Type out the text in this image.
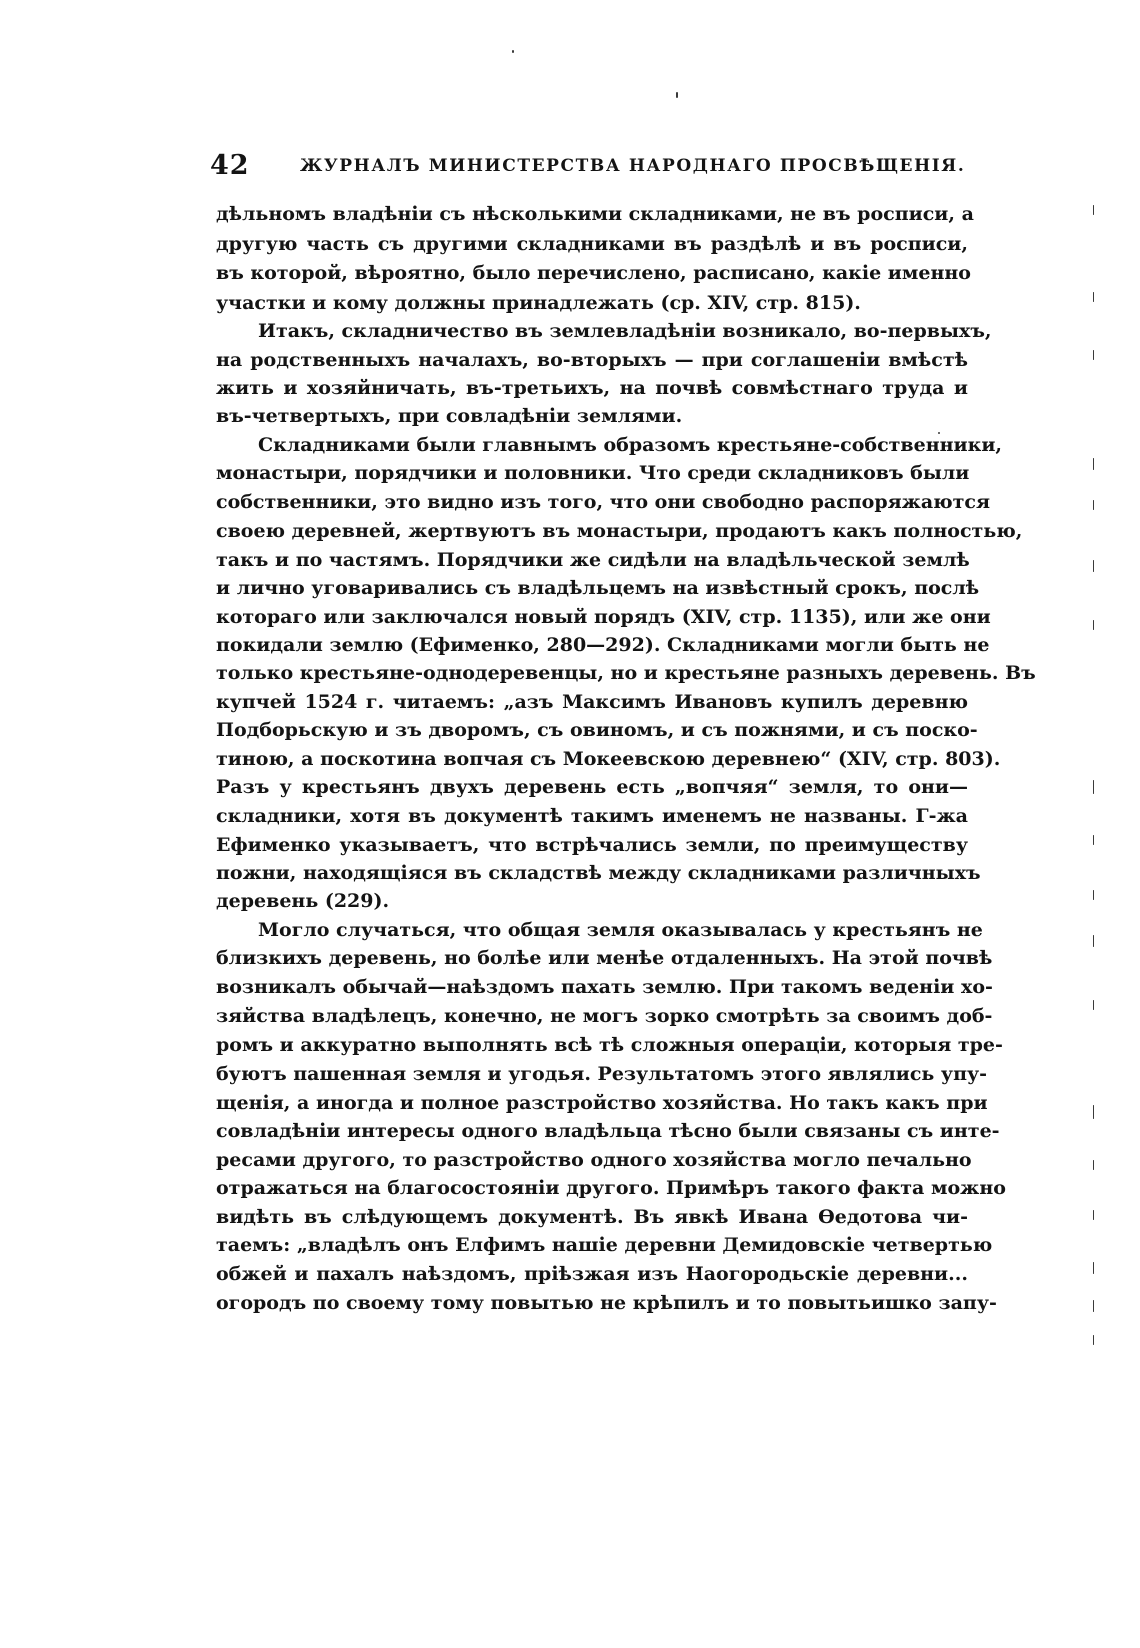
42	ЖУРНАЛЪ МИНИСТЕРСТВА НАРОДНАГО ПРОСВѢЩЕНІЯ.
дѣльномъ владѣніи съ нѣсколькими складниками, не въ росписи, а
другую часть съ другими складниками въ раздѣлѣ и въ росписи,
въ которой, вѣроятно, было перечислено, расписано, какіе именно
участки и кому должны принадлежать (ср. XIV, стр. 815).
Итакъ, складничество въ землевладѣніи возникало, во-первыхъ,
на родственныхъ началахъ, во-вторыхъ — при соглашеніи вмѣстѣ
жить и хозяйничать, въ-третьихъ, на почвѣ совмѣстнаго труда и
въ-четвертыхъ, при совладѣніи землями.
Складниками были главнымъ образомъ крестьяне-собственники,
монастыри, порядчики и половники. Что среди складниковъ были
собственники, это видно изъ того, что они свободно распоряжаются
своею деревней, жертвуютъ въ монастыри, продаютъ какъ полностью,
такъ и по частямъ. Порядчики же сидѣли на владѣльческой землѣ
и лично уговаривались съ владѣльцемъ на извѣстный срокъ, послѣ
котораго или заключался новый порядъ (XIV, стр. 1135), или же они
покидали землю (Ефименко, 280—292). Складниками могли быть не
только крестьяне-однодеревенцы, но и крестьяне разныхъ деревень. Въ
купчей 1524 г. читаемъ: „азъ Максимъ Ивановъ купилъ деревню
Подборьскую и зъ дворомъ, съ овиномъ, и съ пожнями, и съ поско-
тиною, а поскотина вопчая съ Мокеевскою деревнею“ (XIV, стр. 803).
Разъ у крестьянъ двухъ деревень есть „вопчяя“ земля, то они—
складники, хотя въ документѣ такимъ именемъ не названы. Г-жа
Ефименко указываетъ, что встрѣчались земли, по преимуществу
пожни, находящіяся въ складствѣ между складниками различныхъ
деревень (229).
Могло случаться, что общая земля оказывалась у крестьянъ не
близкихъ деревень, но болѣе или менѣе отдаленныхъ. На этой почвѣ
возникалъ обычай—наѣздомъ пахать землю. При такомъ веденіи хо-
зяйства владѣлецъ, конечно, не могъ зорко смотрѣть за своимъ доб-
ромъ и аккуратно выполнять всѣ тѣ сложныя операціи, которыя тре-
буютъ пашенная земля и угодья. Результатомъ этого являлись упу-
щенія, а иногда и полное разстройство хозяйства. Но такъ какъ при
совладѣніи интересы одного владѣльца тѣсно были связаны съ инте-
ресами другого, то разстройство одного хозяйства могло печально
отражаться на благосостояніи другого. Примѣръ такого факта можно
видѣть въ слѣдующемъ документѣ. Въ явкѣ Ивана Ѳедотова чи-
таемъ: „владѣлъ онъ Елфимъ нашіе деревни Демидовскіе четвертью
обжей и пахалъ наѣздомъ, пріѣзжая изъ Наогородьскіе деревни...
огородъ по своему тому повытью не крѣпилъ и то повытьишко запу-
